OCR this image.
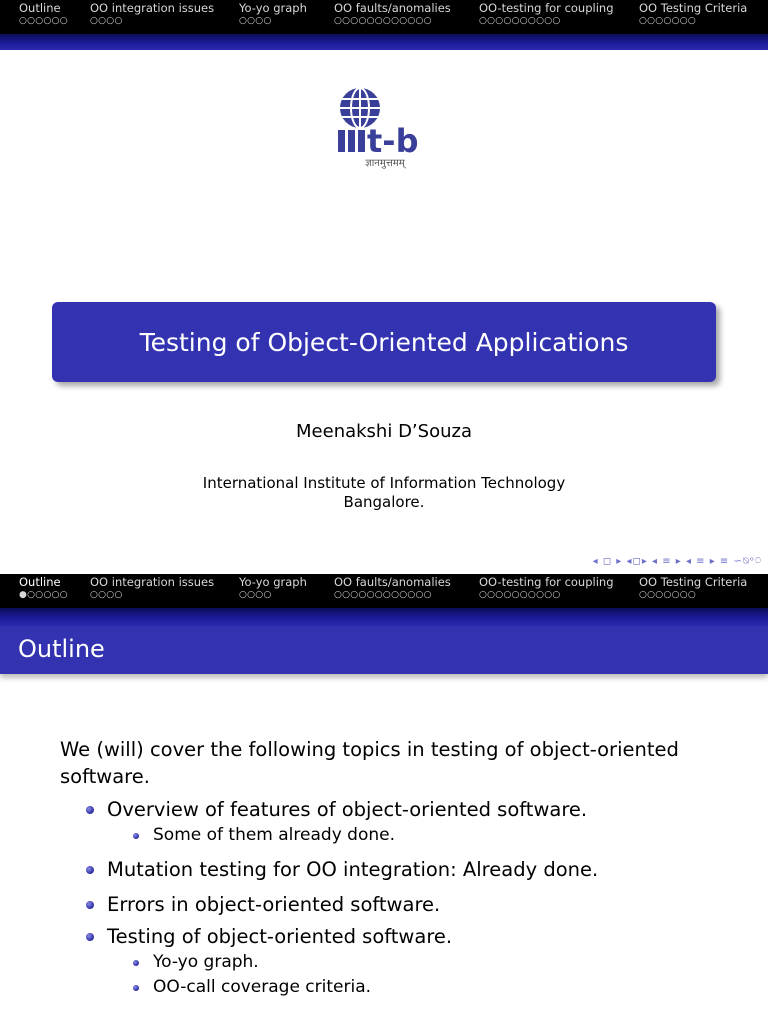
Outline
○○○○○○
OO integration issues
○○○○
Yo-yo graph
○○○○
OO faults/anomalies
○○○○○○○○○○○○
OO-testing for coupling
○○○○○○○○○○
OO Testing Criteria
○○○○○○○
t-b
ज्ञानमुत्तमम्
Testing of Object-Oriented Applications
Meenakshi D’Souza
International Institute of Information Technology
Bangalore.
◂ ◻ ▸ ◂◻▸ ◂ ≡ ▸ ◂ ≡ ▸ ≡ ∽⍉ᵒ⍥
Outline
●○○○○○
OO integration issues
○○○○
Yo-yo graph
○○○○
OO faults/anomalies
○○○○○○○○○○○○
OO-testing for coupling
○○○○○○○○○○
OO Testing Criteria
○○○○○○○
Outline

We (will) cover the following topics in testing of object-oriented software.

Overview of features of object-oriented software.
Some of them already done.
Mutation testing for OO integration: Already done.
Errors in object-oriented software.
Testing of object-oriented software.
Yo-yo graph.
OO-call coverage criteria.
